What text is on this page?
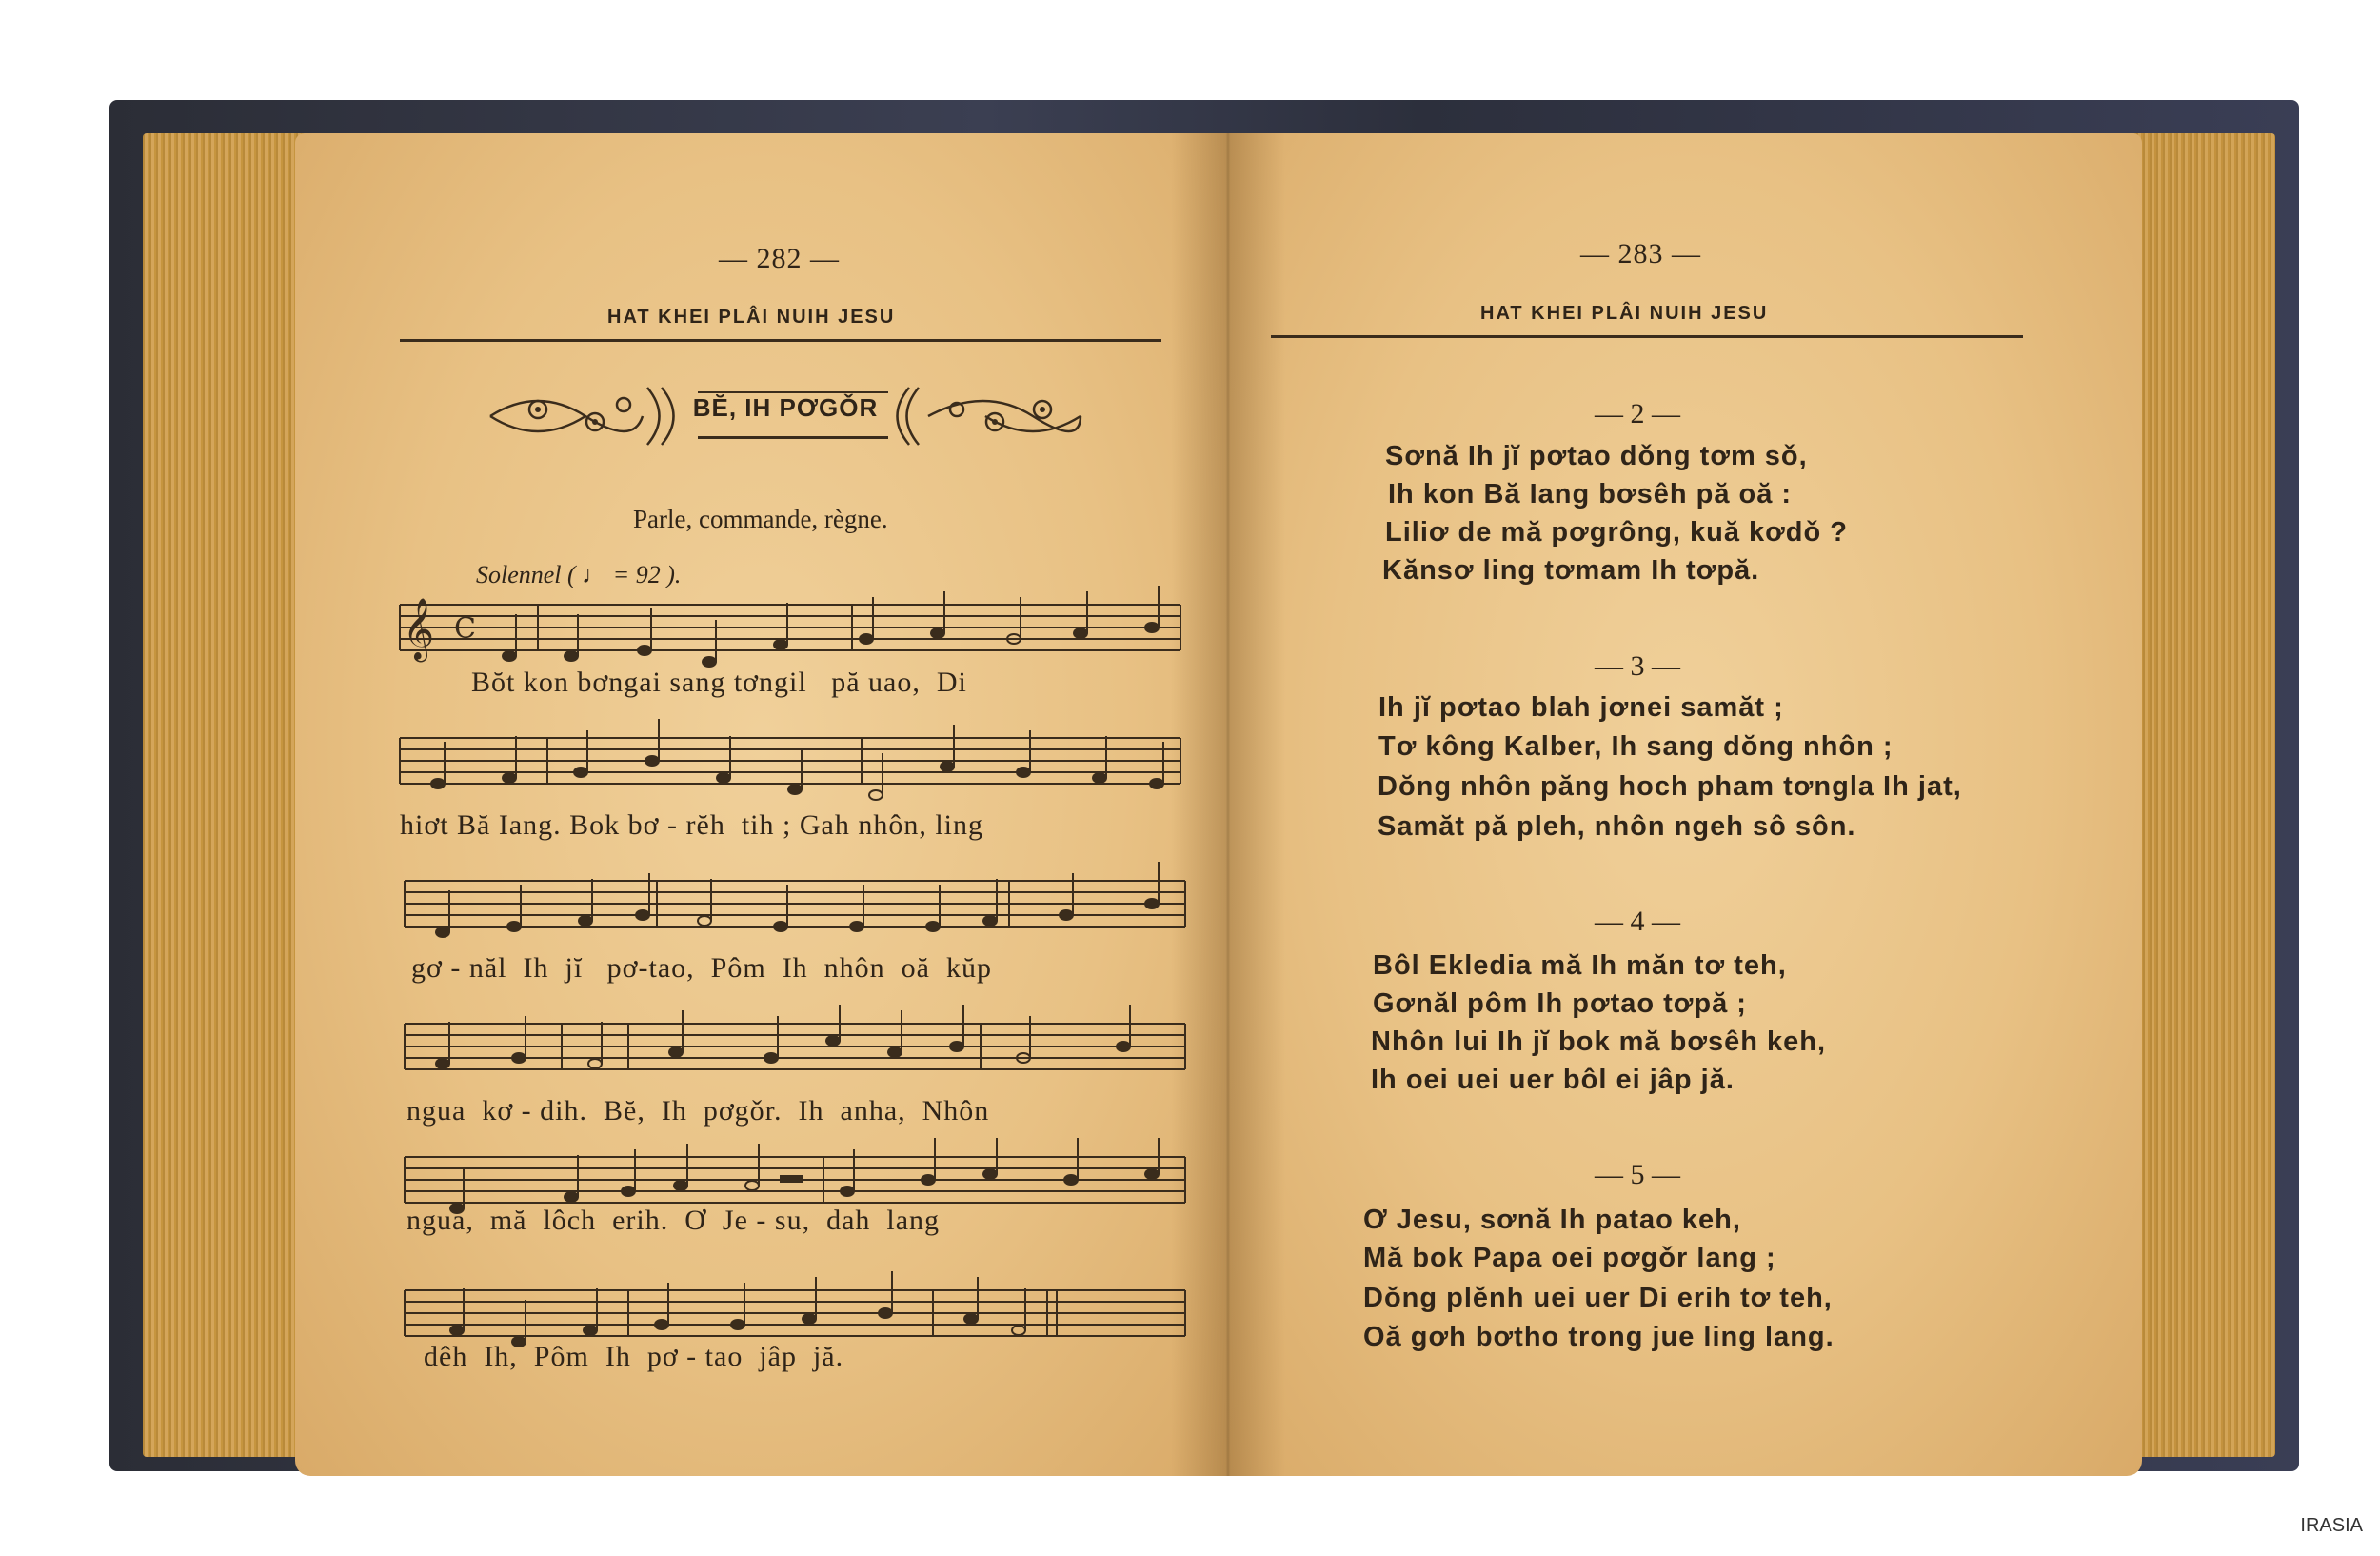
— 282 —
HAT KHEI PLÂI NUIH JESU
BĔ, IH PƠGǑR
Parle, commande, règne.
Solennel ( ♩ = 92 ).
𝄞 C
Bŏt kon bơngai sang tơngil   pă uao,  Di
hiơt Bă Iang. Bok bơ - rĕh  tih ; Gah nhôn, ling
gơ - năl  Ih  jĭ   pơ-tao,  Pôm  Ih  nhôn  oă  kŭp
ngua  kơ - dih.  Bĕ,  Ih  pơgǒr.  Ih  anha,  Nhôn
ngua,  mă  lôch  erih.  Ơ  Je - su,  dah  lang
dêh  Ih,  Pôm  Ih  pơ - tao  jâp  jă.
— 283 —
HAT KHEI PLÂI NUIH JESU
— 2 —
Sơnă Ih jĭ pơtao dǒng tơm sǒ,
Ih kon Bă Iang bơsêh pă oă :
Liliơ de mă pơgrông, kuă kơdǒ ?
Kănsơ ling tơmam Ih tơpă.
— 3 —
Ih jĭ pơtao blah jơnei samăt ;
Tơ kông Kalber, Ih sang dŏng nhôn ;
Dŏng nhôn păng hoch pham tơngla Ih jat,
Samăt pă pleh, nhôn ngeh sô sôn.
— 4 —
Bôl Ekledia mă Ih măn tơ teh,
Gơnăl pôm Ih pơtao tơpă ;
Nhôn lui Ih jĭ bok mă bơsêh keh,
Ih oei uei uer bôl ei jâp jă.
— 5 —
Ơ Jesu, sơnă Ih patao keh,
Mă bok Papa oei pơgǒr lang ;
Dŏng plĕnh uei uer Di erih tơ teh,
Oă gơh bơtho trong jue ling lang.
IRASIA
